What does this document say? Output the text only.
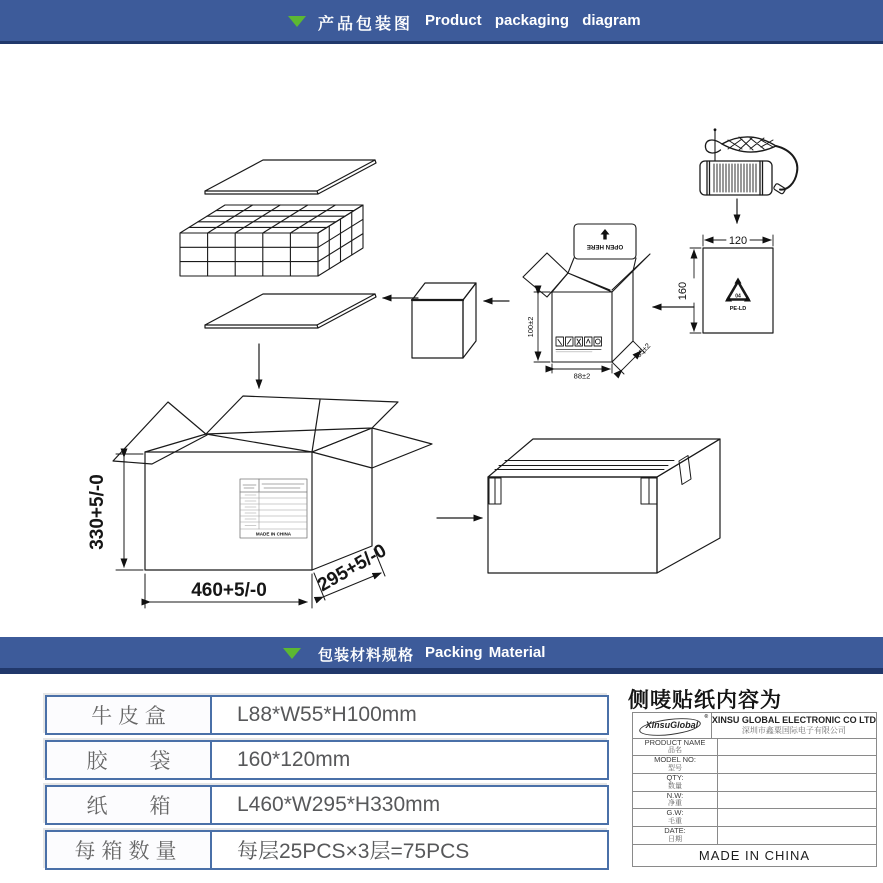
OPEN HERE
100±2
88±2
55±2
120
160	04
PE-LD
MADE IN CHINA
330+5/-0
460+5/-0	295+5/-0
产品包装图 Product packaging diagram
包装材料规格 Packing Material
牛 皮 盒	L88*W55*H100mm
胶　　袋	160*120mm
纸　　箱	L460*W295*H330mm
每箱数量	每层25PCS×3层=75PCS
侧唛贴纸内容为
XinsuGlobal
® XINSU GLOBAL ELECTRONIC CO LTD
深圳市鑫粟国际电子有限公司
PRODUCT NAME
品名
MODEL NO:
型号
QTY:
数量
N.W:
净重
G.W:
毛重
DATE:
日期
MADE IN CHINA
